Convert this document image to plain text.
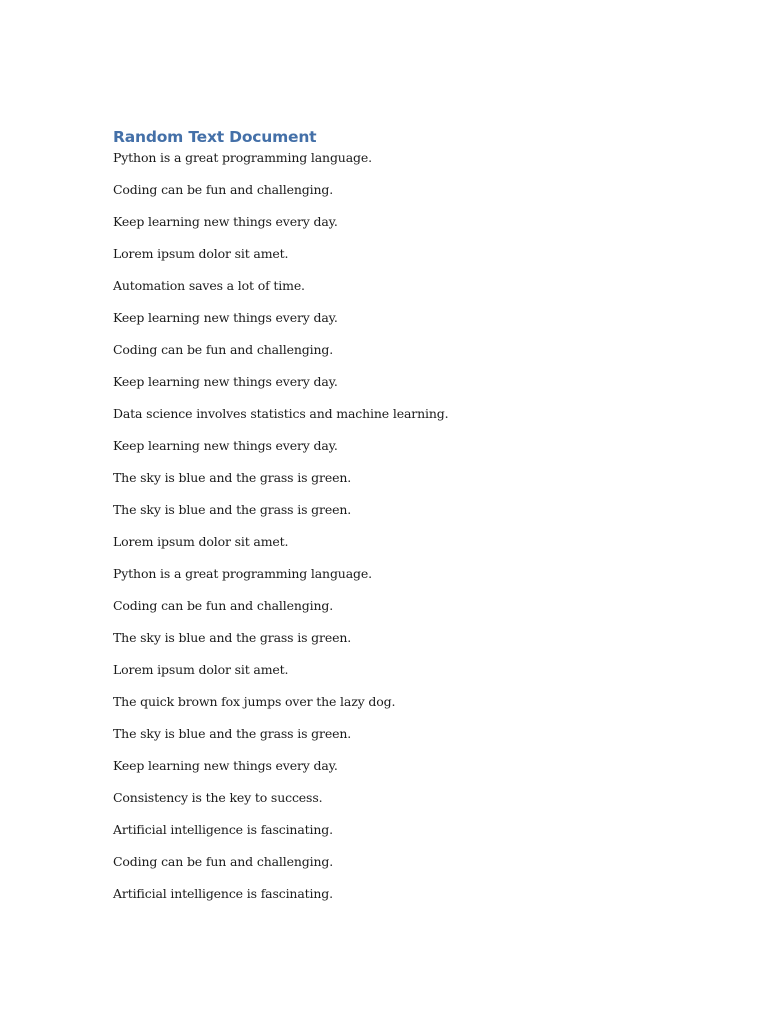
Random Text Document
Python is a great programming language.
Coding can be fun and challenging.
Keep learning new things every day.
Lorem ipsum dolor sit amet.
Automation saves a lot of time.
Keep learning new things every day.
Coding can be fun and challenging.
Keep learning new things every day.
Data science involves statistics and machine learning.
Keep learning new things every day.
The sky is blue and the grass is green.
The sky is blue and the grass is green.
Lorem ipsum dolor sit amet.
Python is a great programming language.
Coding can be fun and challenging.
The sky is blue and the grass is green.
Lorem ipsum dolor sit amet.
The quick brown fox jumps over the lazy dog.
The sky is blue and the grass is green.
Keep learning new things every day.
Consistency is the key to success.
Artificial intelligence is fascinating.
Coding can be fun and challenging.
Artificial intelligence is fascinating.
